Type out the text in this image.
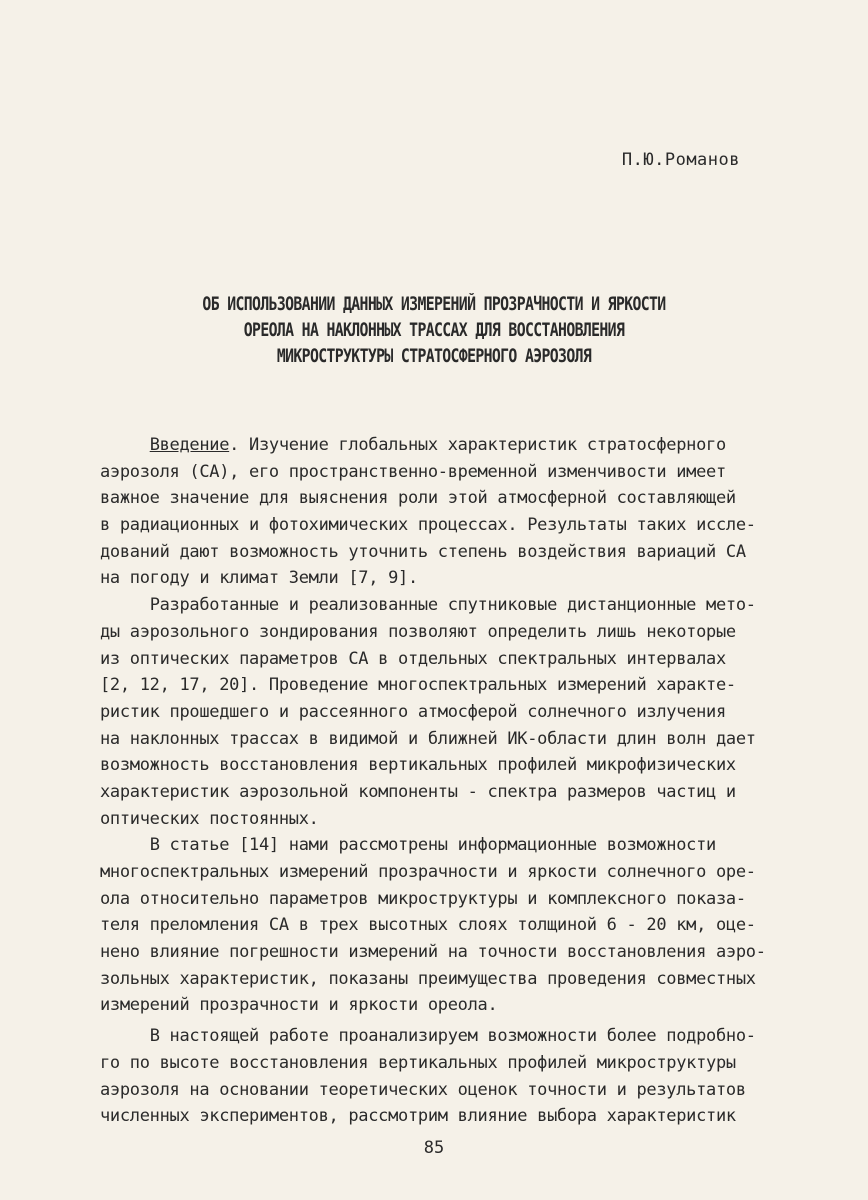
П.Ю.Романов
ОБ ИСПОЛЬЗОВАНИИ ДАННЫХ ИЗМЕРЕНИЙ ПРОЗРАЧНОСТИ И ЯРКОСТИ
ОРЕОЛА НА НАКЛОННЫХ ТРАССАХ ДЛЯ ВОССТАНОВЛЕНИЯ
МИКРОСТРУКТУРЫ СТРАТОСФЕРНОГО АЭРОЗОЛЯ
Введение. Изучение глобальных характеристик стратосферного
аэрозоля (СА), его пространственно-временной изменчивости имеет
важное значение для выяснения роли этой атмосферной составляющей
в радиационных и фотохимических процессах. Результаты таких иссле-
дований дают возможность уточнить степень воздействия вариаций СА
на погоду и климат Земли [7, 9].
Разработанные и реализованные спутниковые дистанционные мето-
ды аэрозольного зондирования позволяют определить лишь некоторые
из оптических параметров СА в отдельных спектральных интервалах
[2, 12, 17, 20]. Проведение многоспектральных измерений характе-
ристик прошедшего и рассеянного атмосферой солнечного излучения
на наклонных трассах в видимой и ближней ИК-области длин волн дает
возможность восстановления вертикальных профилей микрофизических
характеристик аэрозольной компоненты - спектра размеров частиц и
оптических постоянных.
В статье [14] нами рассмотрены информационные возможности
многоспектральных измерений прозрачности и яркости солнечного оре-
ола относительно параметров микроструктуры и комплексного показа-
теля преломления СА в трех высотных слоях толщиной 6 - 20 км, оце-
нено влияние погрешности измерений на точности восстановления аэро-
зольных характеристик, показаны преимущества проведения совместных
измерений прозрачности и яркости ореола.
В настоящей работе проанализируем возможности более подробно-
го по высоте восстановления вертикальных профилей микроструктуры
аэрозоля на основании теоретических оценок точности и результатов
численных экспериментов, рассмотрим влияние выбора характеристик
85
